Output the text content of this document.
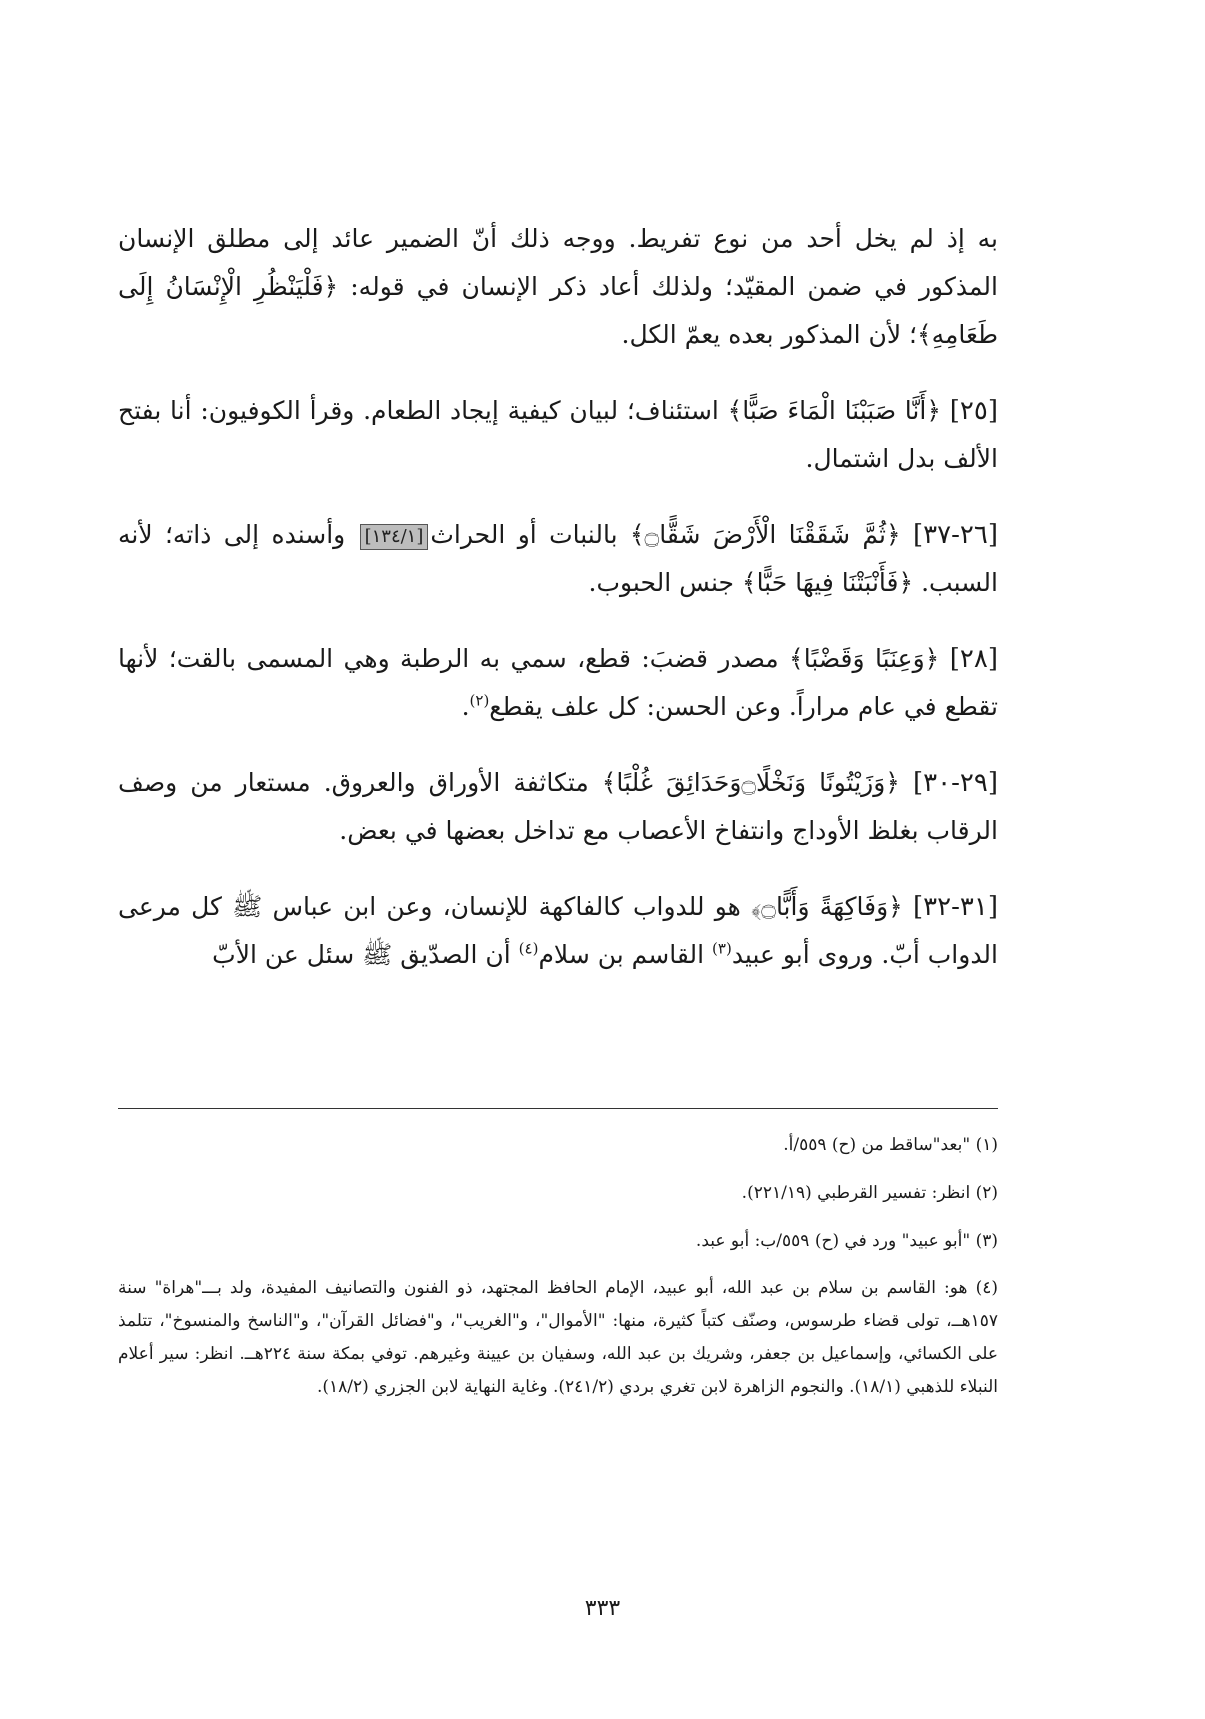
به إذ لم يخل أحد من نوع تفريط. ووجه ذلك أنّ الضمير عائد إلى مطلق الإنسان المذكور في ضمن المقيّد؛ ولذلك أعاد ذكر الإنسان في قوله: ﴿فَلْيَنْظُرِ الْإِنْسَانُ إِلَى طَعَامِهِ﴾؛ لأن المذكور بعده يعمّ الكل.

[٢٥] ﴿أَنَّا صَبَبْنَا الْمَاءَ صَبًّا﴾ استئناف؛ لبيان كيفية إيجاد الطعام. وقرأ الكوفيون: أنا بفتح الألف بدل اشتمال.

[٢٦-٣٧] ﴿ثُمَّ شَقَقْنَا الْأَرْضَ شَقًّا۝﴾ بالنبات أو الحراث[١٣٤/١] وأسنده إلى ذاته؛ لأنه السبب. ﴿فَأَنْبَتْنَا فِيهَا حَبًّا﴾ جنس الحبوب.

[٢٨] ﴿وَعِنَبًا وَقَضْبًا﴾ مصدر قضبَ: قطع، سمي به الرطبة وهي المسمى بالقت؛ لأنها تقطع في عام مراراً. وعن الحسن: كل علف يقطع$^{(٢)}$.

[٢٩-٣٠] ﴿وَزَيْتُونًا وَنَخْلًا۝وَحَدَائِقَ غُلْبًا﴾ متكاثفة الأوراق والعروق. مستعار من وصف الرقاب بغلظ الأوداج وانتفاخ الأعصاب مع تداخل بعضها في بعض.

[٣١-٣٢] ﴿وَفَاكِهَةً وَأَبًّا۝﴾ هو للدواب كالفاكهة للإنسان، وعن ابن عباس ﷺ كل مرعى الدواب أبّ. وروى أبو عبيد$^{(٣)}$ القاسم بن سلام$^{(٤)}$ أن الصدّيق ﷺ سئل عن الأبّ

(١) "بعد"ساقط من (ح) ٥٥٩/أ.

(٢) انظر: تفسير القرطبي (٢٢١/١٩).

(٣) "أبو عبيد" ورد في (ح) ٥٥٩/ب: أبو عبد.

(٤) هو: القاسم بن سلام بن عبد الله، أبو عبيد، الإمام الحافظ المجتهد، ذو الفنون والتصانيف المفيدة، ولد بـــ"هراة" سنة ١٥٧هــ، تولى قضاء طرسوس، وصنّف كتباً كثيرة، منها: "الأموال"، و"الغريب"، و"فضائل القرآن"، و"الناسخ والمنسوخ"، تتلمذ على الكسائي، وإسماعيل بن جعفر، وشريك بن عبد الله، وسفيان بن عيينة وغيرهم. توفي بمكة سنة ٢٢٤هــ. انظر: سير أعلام النبلاء للذهبي (١٨/١). والنجوم الزاهرة لابن تغري بردي (٢٤١/٢). وغاية النهاية لابن الجزري (١٨/٢).

٣٣٣
